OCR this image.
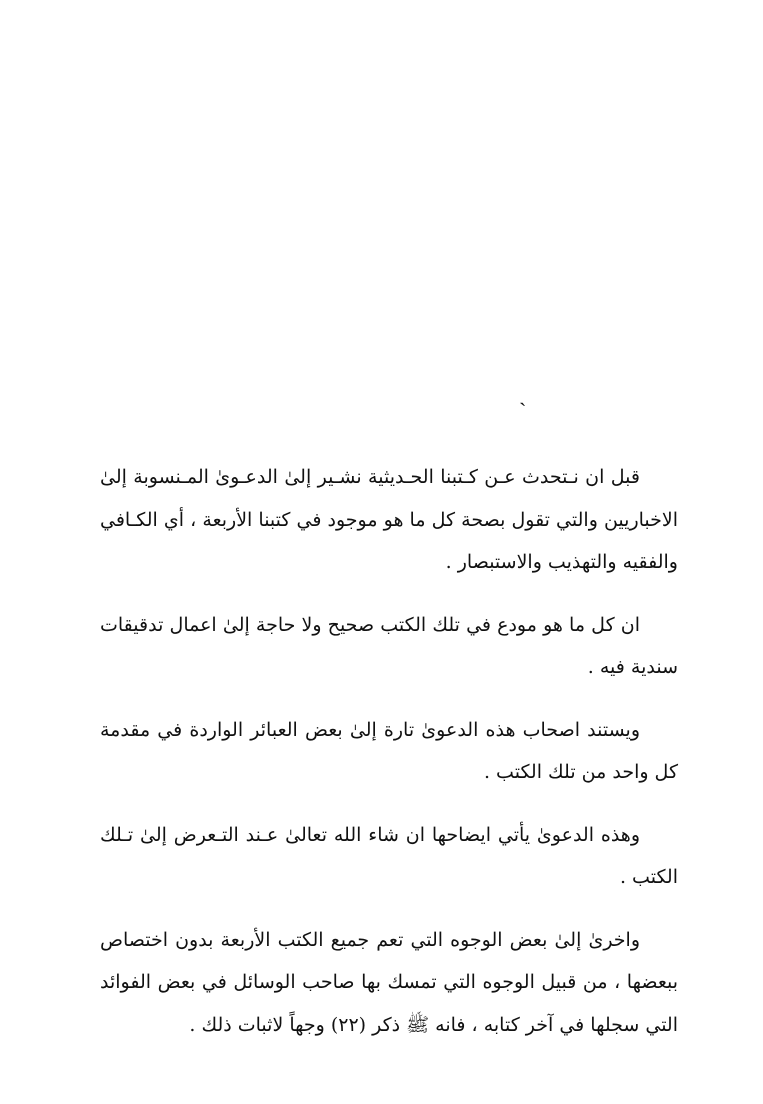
ˎ

قبل ان نـتحدث عـن كـتبنا الحـديثية نشـير إلىٰ الدعـوىٰ المـنسوبة إلىٰ الاخباريين والتي تقول بصحة كل ما هو موجود في كتبنا الأربعة ، أي الكـافي والفقيه والتهذيب والاستبصار .

ان كل ما هو مودع في تلك الكتب صحيح ولا حاجة إلىٰ اعمال تدقيقات سندية فيه .

ويستند اصحاب هذه الدعوىٰ تارة إلىٰ بعض العبائر الواردة في مقدمة كل واحد من تلك الكتب .

وهذه الدعوىٰ يأتي ايضاحها ان شاء الله تعالىٰ عـند التـعرض إلىٰ تـلك الكتب .

واخرىٰ إلىٰ بعض الوجوه التي تعم جميع الكتب الأربعة بدون اختصاص ببعضها ، من قبيل الوجوه التي تمسك بها صاحب الوسائل في بعض الفوائد التي سجلها في آخر كتابه ، فانه ﷺ ذكر (٢٢) وجهاً لاثبات ذلك .
